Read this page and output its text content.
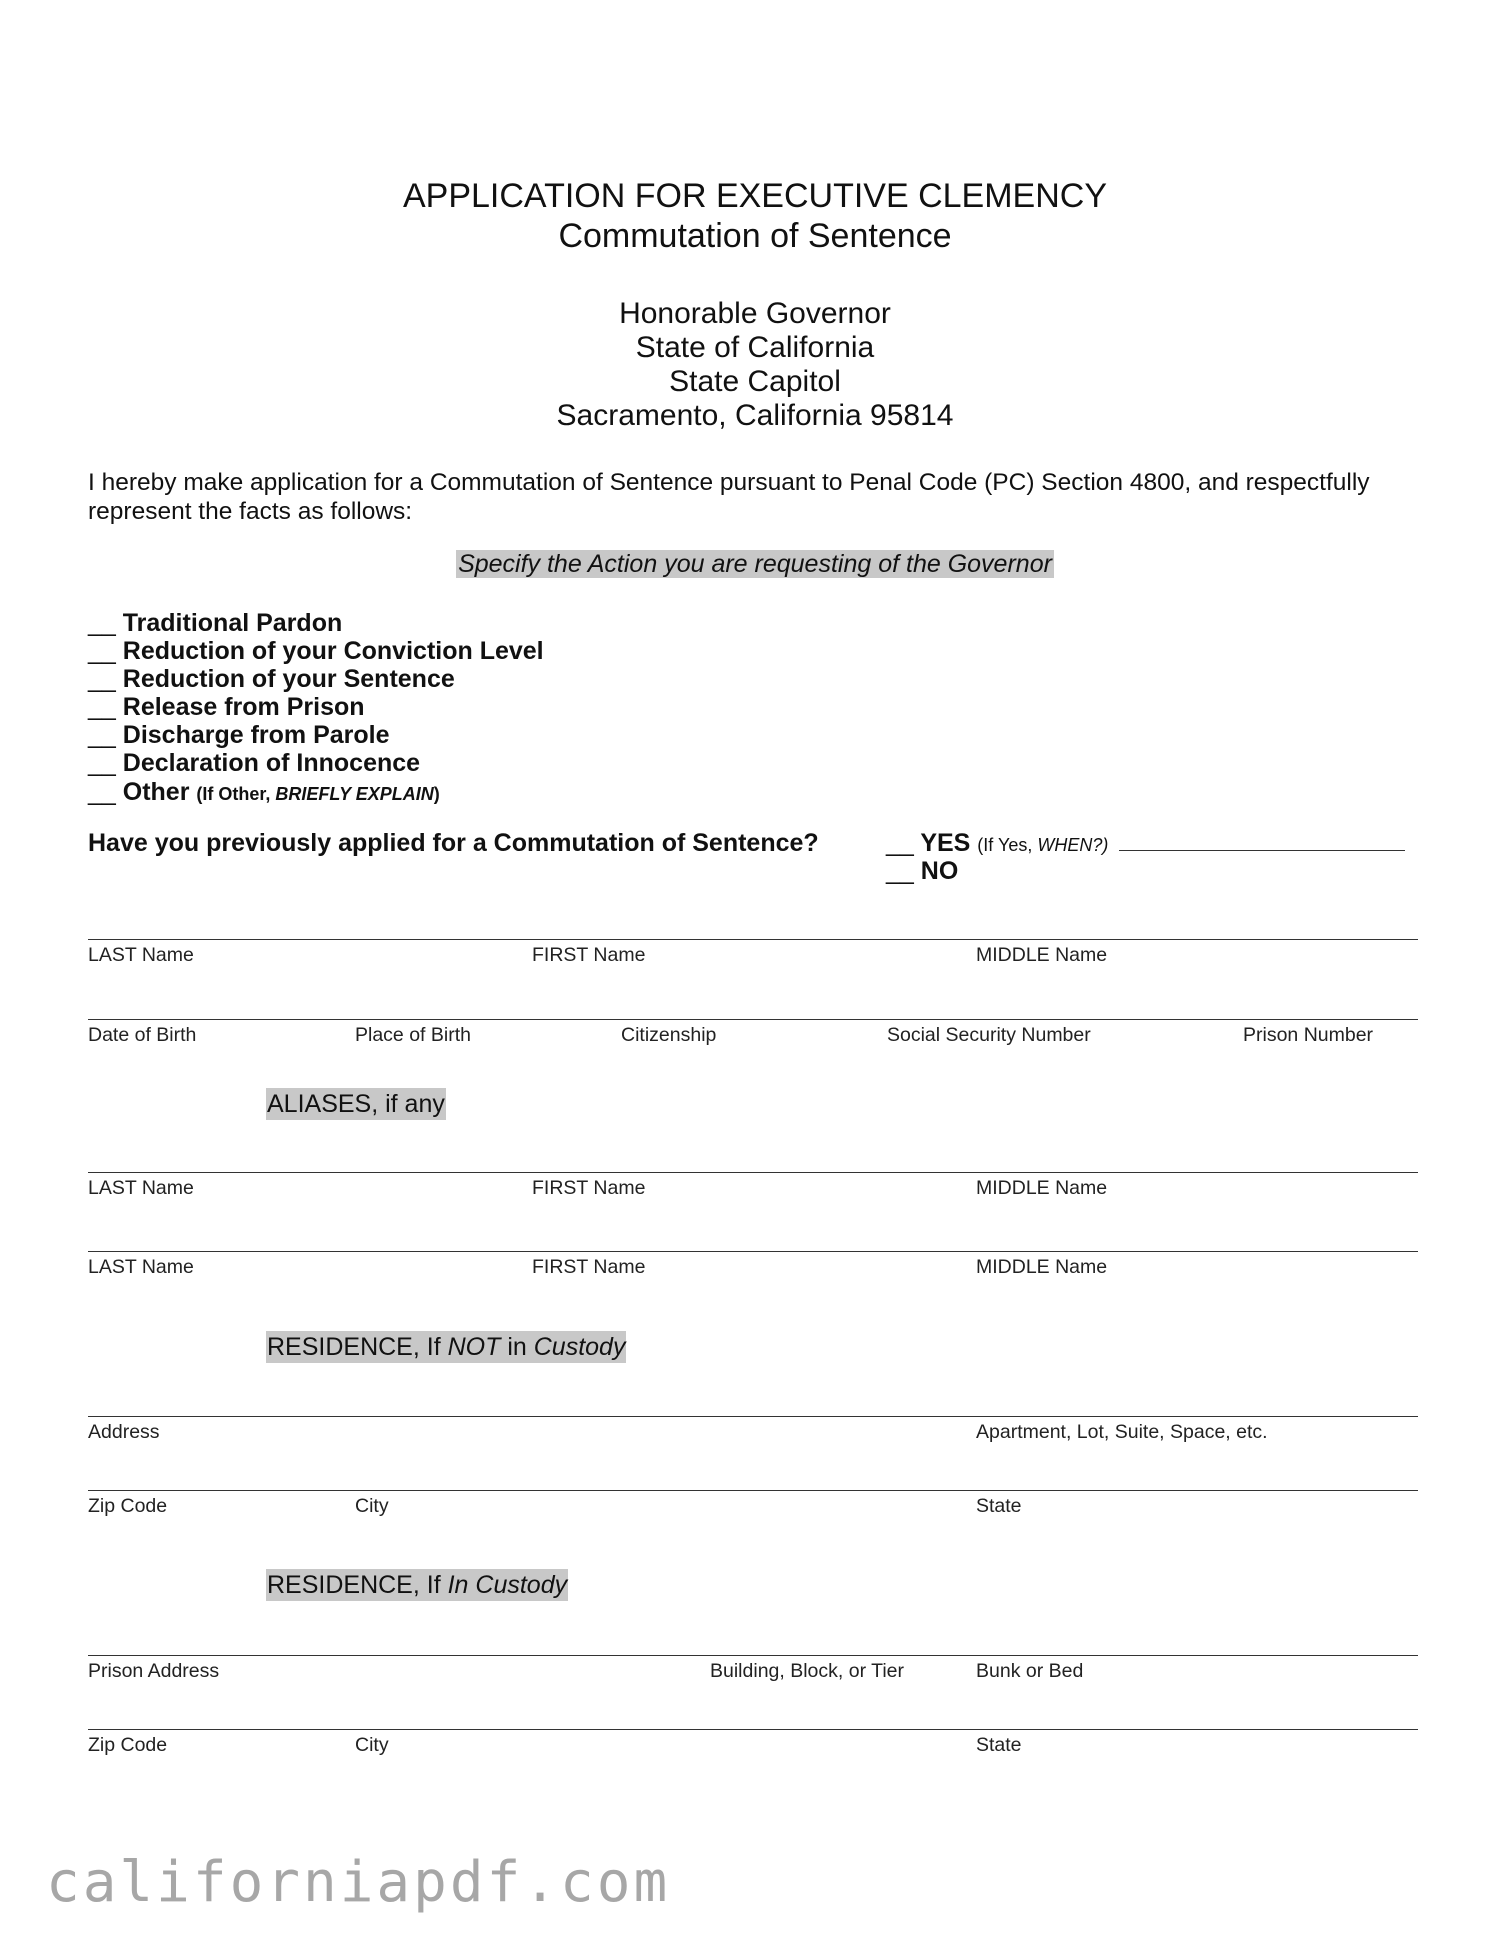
APPLICATION FOR EXECUTIVE CLEMENCY
Commutation of Sentence
Honorable Governor
State of California
State Capitol
Sacramento, California 95814
I hereby make application for a Commutation of Sentence pursuant to Penal Code (PC) Section 4800, and respectfully represent the facts as follows:
Specify the Action you are requesting of the Governor
__ Traditional Pardon
__ Reduction of your Conviction Level
__ Reduction of your Sentence
__ Release from Prison
__ Discharge from Parole
__ Declaration of Innocence
__ Other (If Other, BRIEFLY EXPLAIN)
Have you previously applied for a Commutation of Sentence?	__ YES (If Yes, WHEN?)
__ NO
LAST Name	FIRST Name	MIDDLE Name
Date of Birth	Place of Birth	Citizenship	Social Security Number	Prison Number
ALIASES, if any
LAST Name	FIRST Name	MIDDLE Name
LAST Name	FIRST Name	MIDDLE Name
RESIDENCE, If NOT in Custody
Address	Apartment, Lot, Suite, Space, etc.
Zip Code	City	State
RESIDENCE, If In Custody
Prison Address	Building, Block, or Tier	Bunk or Bed
Zip Code	City	State
californiapdf.com
